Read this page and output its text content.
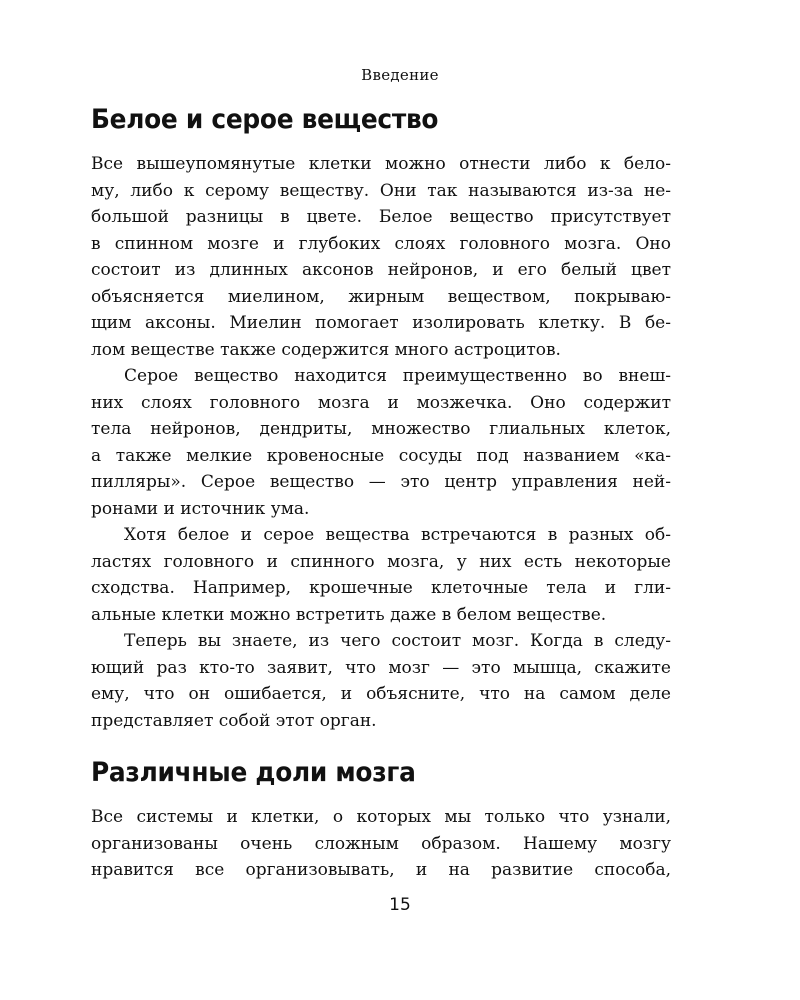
Введение
Белое и серое вещество
Все вышеупомянутые клетки можно отнести либо к бело-
му, либо к серому веществу. Они так называются из-за не-
большой разницы в цвете. Белое вещество присутствует
в спинном мозге и глубоких слоях головного мозга. Оно
состоит из длинных аксонов нейронов, и его белый цвет
объясняется миелином, жирным веществом, покрываю-
щим аксоны. Миелин помогает изолировать клетку. В бе-
лом веществе также содержится много астроцитов.
Серое вещество находится преимущественно во внеш-
них слоях головного мозга и мозжечка. Оно содержит
тела нейронов, дендриты, множество глиальных клеток,
а также мелкие кровеносные сосуды под названием «ка-
пилляры». Серое вещество — это центр управления ней-
ронами и источник ума.
Хотя белое и серое вещества встречаются в разных об-
ластях головного и спинного мозга, у них есть некоторые
сходства. Например, крошечные клеточные тела и гли-
альные клетки можно встретить даже в белом веществе.
Теперь вы знаете, из чего состоит мозг. Когда в следу-
ющий раз кто-то заявит, что мозг — это мышца, скажите
ему, что он ошибается, и объясните, что на самом деле
представляет собой этот орган.
Различные доли мозга
Все системы и клетки, о которых мы только что узнали,
организованы очень сложным образом. Нашему мозгу
нравится все организовывать, и на развитие способа,
15
